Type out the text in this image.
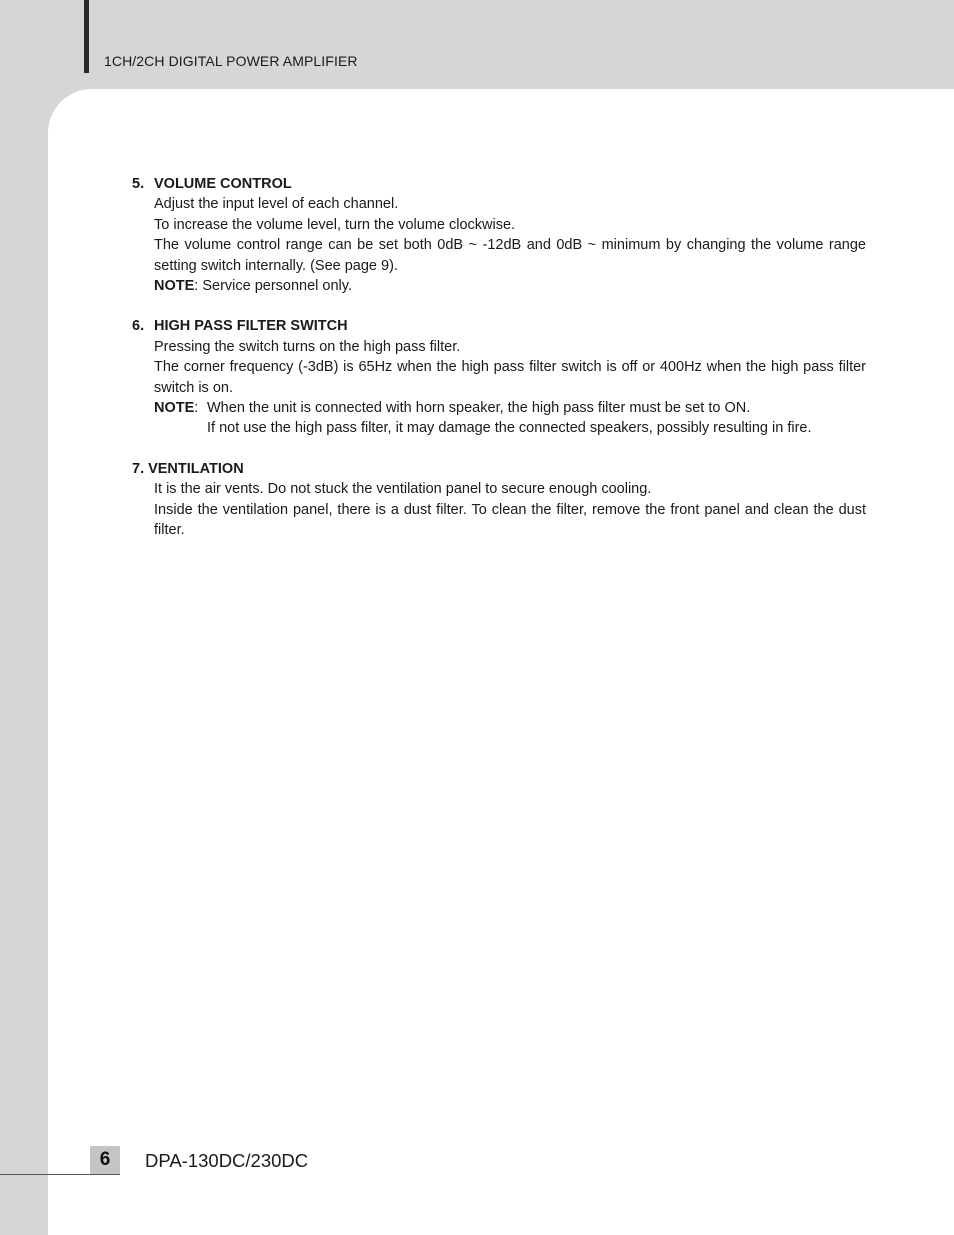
1CH/2CH DIGITAL POWER AMPLIFIER
5. VOLUME CONTROL

Adjust the input level of each channel.

To increase the volume level, turn the volume clockwise.

The volume control range can be set both 0dB ~ -12dB and 0dB ~ minimum by changing the volume range setting switch internally. (See page 9).

NOTE: Service personnel only.

6. HIGH PASS FILTER SWITCH

Pressing the switch turns on the high pass filter.

The corner frequency (-3dB) is 65Hz when the high pass filter switch is off or 400Hz when the high pass filter switch is on.

NOTE: When the unit is connected with horn speaker, the high pass filter must be set to ON.

If not use the high pass filter, it may damage the connected speakers, possibly resulting in fire.

7. VENTILATION

It is the air vents. Do not stuck the ventilation panel to secure enough cooling.

Inside the ventilation panel, there is a dust filter. To clean the filter, remove the front panel and clean the dust filter.

6	DPA-130DC/230DC
